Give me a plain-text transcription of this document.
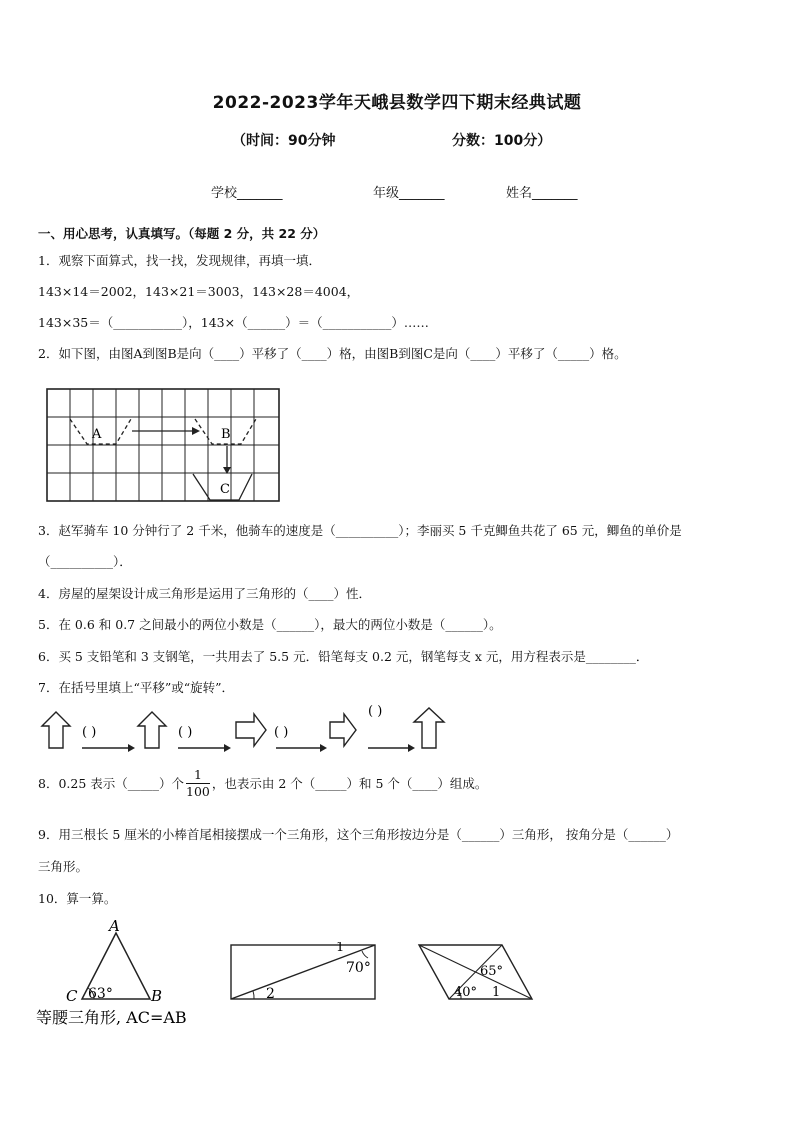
2022-2023学年天峨县数学四下期末经典试题
（时间：90分钟	分数：100分）
学校_______	年级_______	姓名_______
一、用心思考，认真填写。（每题 2 分，共 22 分）
1．观察下面算式，找一找，发现规律，再填一填．
143×14＝2002，143×21＝3003，143×28＝4004，
143×35＝（___________），143×（______）＝（___________）……
2．如下图，由图A到图B是向（____）平移了（____）格，由图B到图C是向（____）平移了（_____）格。
A	B
C
3．赵军骑车 10 分钟行了 2 千米，他骑车的速度是（__________）；李丽买 5 千克鲫鱼共花了 65 元，鲫鱼的单价是
（__________）．
4．房屋的屋架设计成三角形是运用了三角形的（____）性．
5．在 0.6 和 0.7 之间最小的两位小数是（______），最大的两位小数是（______）。
6．买 5 支铅笔和 3 支钢笔，一共用去了 5.5 元．铅笔每支 0.2 元，钢笔每支 x 元，用方程表示是________．
7．在括号里填上“平移”或“旋转”．
( )	( )	( )
( )
8．0.25 表示（_____）个 $\frac{1}{100}$ ，也表示由 2 个（_____）和 5 个（____）组成。
9．用三根长 5 厘米的小棒首尾相接摆成一个三角形，这个三角形按边分是（______）三角形， 按角分是（______）
三角形。
10．算一算。
A
C	B
63°
等腰三角形, AC=AB
1
70°
2
65°
40° 1
